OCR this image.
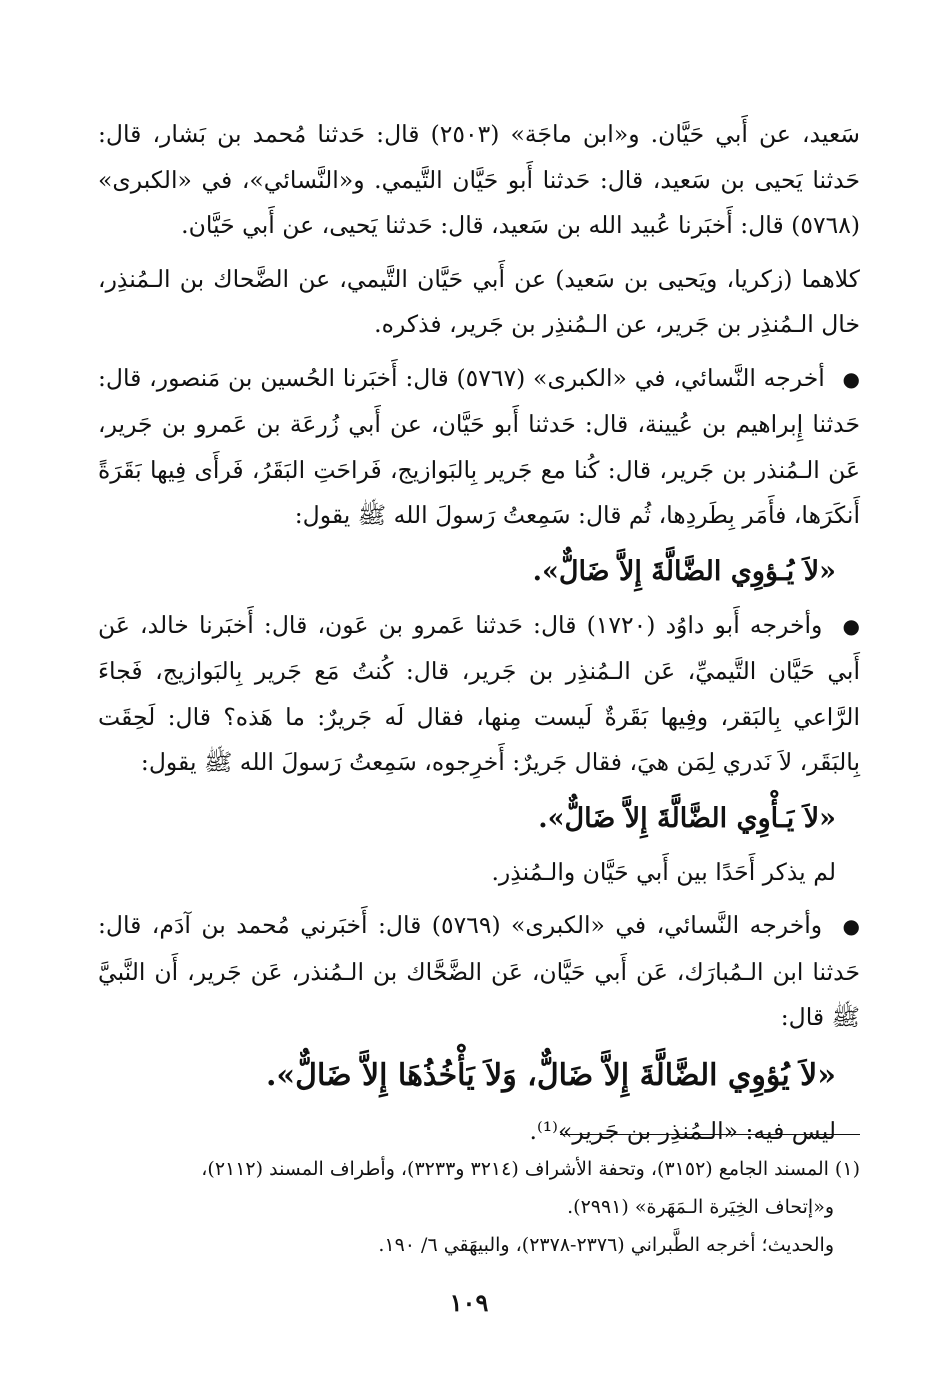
سَعيد، عن أَبي حَيَّان. و«ابن ماجَة» (٢٥٠٣) قال: حَدثنا مُحمد بن بَشار، قال: حَدثنا يَحيى بن سَعيد، قال: حَدثنا أَبو حَيَّان التَّيمي. و«النَّسائي»، في «الكبرى» (٥٧٦٨) قال: أَخبَرنا عُبيد الله بن سَعيد، قال: حَدثنا يَحيى، عن أَبي حَيَّان.

كلاهما (زكريا، ويَحيى بن سَعيد) عن أَبي حَيَّان التَّيمي، عن الضَّحاك بن الـمُنذِر، خال الـمُنذِر بن جَرير، عن الـمُنذِر بن جَرير، فذكره.

● أخرجه النَّسائي، في «الكبرى» (٥٧٦٧) قال: أَخبَرنا الحُسين بن مَنصور، قال: حَدثنا إِبراهيم بن عُيينة، قال: حَدثنا أَبو حَيَّان، عن أَبي زُرعَة بن عَمرو بن جَرير، عَن الـمُنذر بن جَرير، قال: كُنا مع جَرير بِالبَوازيج، فَراحَتِ البَقَرُ، فَرأَى فِيها بَقَرَةً أَنكَرَها، فأَمَر بِطَردِها، ثُم قال: سَمِعتُ رَسولَ الله ﷺ يقول:

«لاَ يُـؤوِي الضَّالَّةَ إِلاَّ ضَالٌّ».

● وأخرجه أَبو داوُد (١٧٢٠) قال: حَدثنا عَمرو بن عَون، قال: أَخبَرنا خالد، عَن أَبي حَيَّان التَّيميِّ، عَن الـمُنذِر بن جَرير، قال: كُنتُ مَع جَرير بِالبَوازيج، فَجاءَ الرَّاعي بِالبَقر، وفِيها بَقَرةٌ لَيست مِنها، فقال لَه جَريرٌ: ما هَذه؟ قال: لَحِقَت بِالبَقَر، لاَ نَدري لِمَن هيَ، فقال جَريرٌ: أَخرِجوه، سَمِعتُ رَسولَ الله ﷺ يقول:

«لاَ يَـأْوِي الضَّالَّةَ إِلاَّ ضَالٌّ».

لم يذكر أَحَدًا بين أَبي حَيَّان والـمُنذِر.

● وأخرجه النَّسائي، في «الكبرى» (٥٧٦٩) قال: أَخبَرني مُحمد بن آدَم، قال: حَدثنا ابن الـمُبارَك، عَن أَبي حَيَّان، عَن الضَّحَّاك بن الـمُنذر، عَن جَرير، أَن النَّبيَّ ﷺ قال:

«لاَ يُؤوِي الضَّالَّةَ إِلاَّ ضَالٌّ، وَلاَ يَأْخُذُهَا إِلاَّ ضَالٌّ».

ليس فيه: «الـمُنذِر بن جَرير»⁽¹⁾.

(١) المسند الجامع (٣١٥٢)، وتحفة الأشراف (٣٢١٤ و٣٢٣٣)، وأطراف المسند (٢١١٢)،
و«إتحاف الخِيَرة الـمَهَرة» (٢٩٩١).
والحديث؛ أخرجه الطَّبراني (٢٣٧٦-٢٣٧٨)، والبيهَقي ٦/ ١٩٠.
١٠٩
